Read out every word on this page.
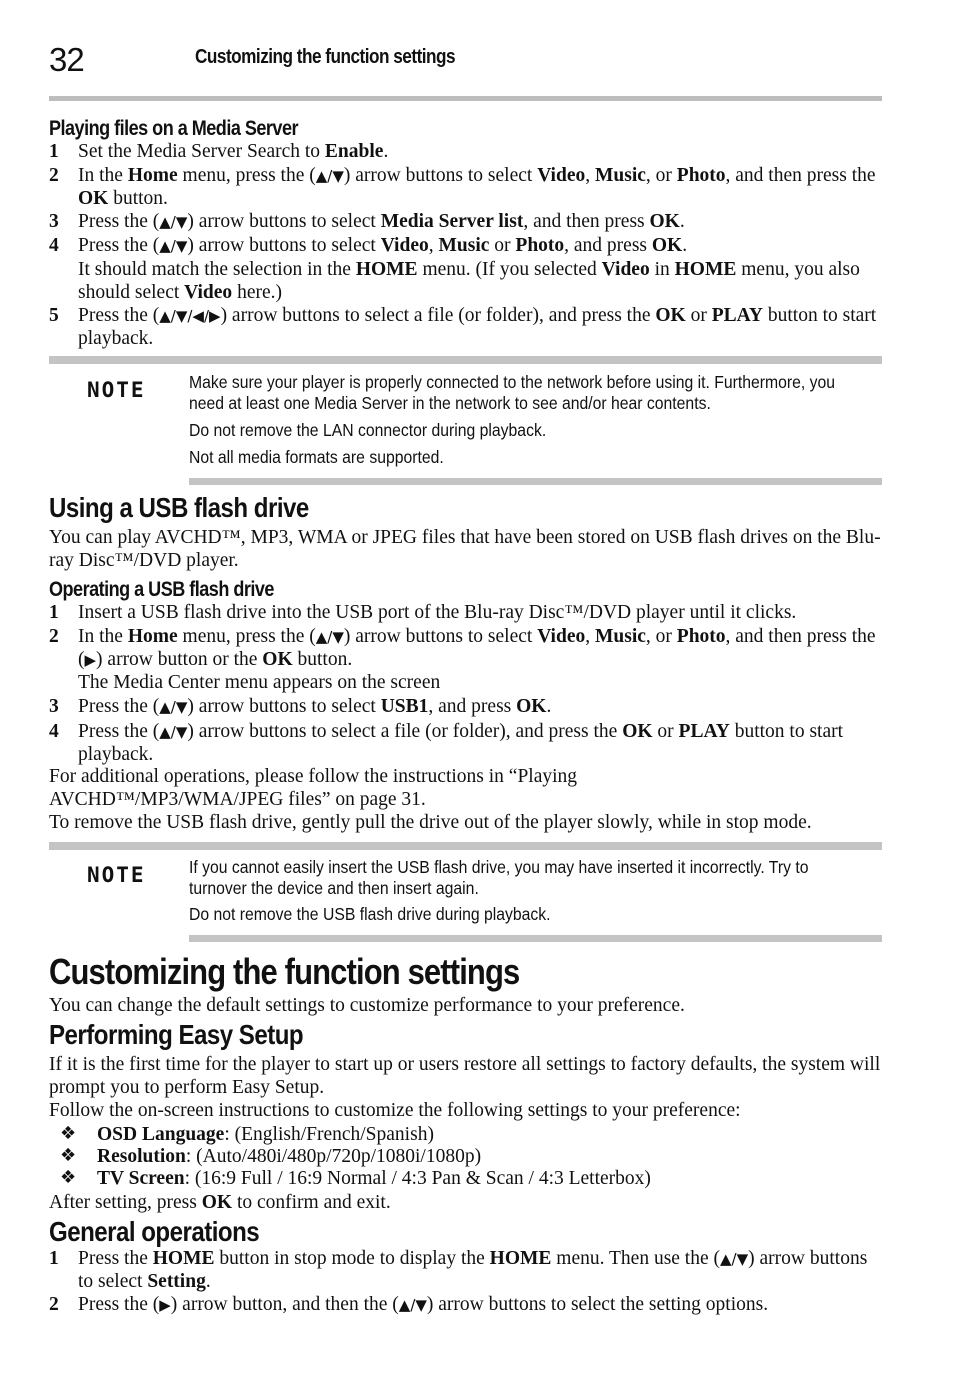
32	Customizing the function settings
Playing files on a Media Server
1 Set the Media Server Search to Enable.
2 In the Home menu, press the (▲/▼) arrow buttons to select Video, Music, or Photo, and then press the OK button.
3 Press the (▲/▼) arrow buttons to select Media Server list, and then press OK.
4 Press the (▲/▼) arrow buttons to select Video, Music or Photo, and press OK.
It should match the selection in the HOME menu. (If you selected Video in HOME menu, you also should select Video here.)
5 Press the (▲/▼/◀/▶) arrow buttons to select a file (or folder), and press the OK or PLAY button to start playback.
NOTE Make sure your player is properly connected to the network before using it. Furthermore, you
need at least one Media Server in the network to see and/or hear contents.
Do not remove the LAN connector during playback.
Not all media formats are supported.
Using a USB flash drive
You can play AVCHD™, MP3, WMA or JPEG files that have been stored on USB flash drives on the Blu-ray Disc™/DVD player.
Operating a USB flash drive
1 Insert a USB flash drive into the USB port of the Blu-ray Disc™/DVD player until it clicks.
2 In the Home menu, press the (▲/▼) arrow buttons to select Video, Music, or Photo, and then press the (▶) arrow button or the OK button.
The Media Center menu appears on the screen
3 Press the (▲/▼) arrow buttons to select USB1, and press OK.
4 Press the (▲/▼) arrow buttons to select a file (or folder), and press the OK or PLAY button to start playback.
For additional operations, please follow the instructions in “Playing AVCHD™/MP3/WMA/JPEG files” on page 31.
To remove the USB flash drive, gently pull the drive out of the player slowly, while in stop mode.
NOTE If you cannot easily insert the USB flash drive, you may have inserted it incorrectly. Try to
turnover the device and then insert again.
Do not remove the USB flash drive during playback.
Customizing the function settings
You can change the default settings to customize performance to your preference.
Performing Easy Setup
If it is the first time for the player to start up or users restore all settings to factory defaults, the system will prompt you to perform Easy Setup.
Follow the on-screen instructions to customize the following settings to your preference:
❖ OSD Language: (English/French/Spanish)
❖ Resolution: (Auto/480i/480p/720p/1080i/1080p)
❖ TV Screen: (16:9 Full / 16:9 Normal / 4:3 Pan & Scan / 4:3 Letterbox)
After setting, press OK to confirm and exit.
General operations
1 Press the HOME button in stop mode to display the HOME menu. Then use the (▲/▼) arrow buttons to select Setting.
2 Press the (▶) arrow button, and then the (▲/▼) arrow buttons to select the setting options.
